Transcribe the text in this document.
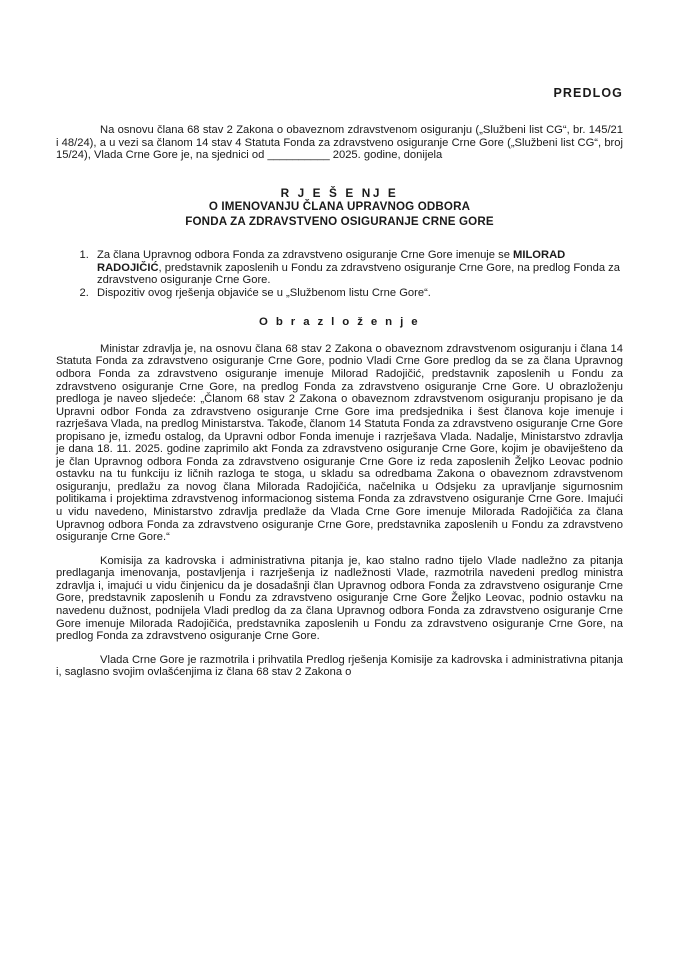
PREDLOG

Na osnovu člana 68 stav 2 Zakona o obaveznom zdravstvenom osiguranju („Službeni list CG“, br. 145/21 i 48/24), a u vezi sa članom 14 stav 4 Statuta Fonda za zdravstveno osiguranje Crne Gore („Službeni list CG“, broj 15/24), Vlada Crne Gore je, na sjednici od __________ 2025. godine, donijela

R J E Š E NJ E
O IMENOVANJU ČLANA UPRAVNOG ODBORA
FONDA ZA ZDRAVSTVENO OSIGURANJE CRNE GORE
1. Za člana Upravnog odbora Fonda za zdravstveno osiguranje Crne Gore imenuje se MILORAD RADOJIČIĆ, predstavnik zaposlenih u Fondu za zdravstveno osiguranje Crne Gore, na predlog Fonda za zdravstveno osiguranje Crne Gore.
2. Dispozitiv ovog rješenja objaviće se u „Službenom listu Crne Gore“.
O b r a z l o ž e n j e

Ministar zdravlja je, na osnovu člana 68 stav 2 Zakona o obaveznom zdravstvenom osiguranju i člana 14 Statuta Fonda za zdravstveno osiguranje Crne Gore, podnio Vladi Crne Gore predlog da se za člana Upravnog odbora Fonda za zdravstveno osiguranje imenuje Milorad Radojičić, predstavnik zaposlenih u Fondu za zdravstveno osiguranje Crne Gore, na predlog Fonda za zdravstveno osiguranje Crne Gore. U obrazloženju predloga je naveo sljedeće: „Članom 68 stav 2 Zakona o obaveznom zdravstvenom osiguranju propisano je da Upravni odbor Fonda za zdravstveno osiguranje Crne Gore ima predsjednika i šest članova koje imenuje i razrješava Vlada, na predlog Ministarstva. Takođe, članom 14 Statuta Fonda za zdravstveno osiguranje Crne Gore propisano je, između ostalog, da Upravni odbor Fonda imenuje i razrješava Vlada. Nadalje, Ministarstvo zdravlja je dana 18. 11. 2025. godine zaprimilo akt Fonda za zdravstveno osiguranje Crne Gore, kojim je obaviješteno da je član Upravnog odbora Fonda za zdravstveno osiguranje Crne Gore iz reda zaposlenih Željko Leovac podnio ostavku na tu funkciju iz ličnih razloga te stoga, u skladu sa odredbama Zakona o obaveznom zdravstvenom osiguranju, predlažu za novog člana Milorada Radojičića, načelnika u Odsjeku za upravljanje sigurnosnim politikama i projektima zdravstvenog informacionog sistema Fonda za zdravstveno osiguranje Crne Gore. Imajući u vidu navedeno, Ministarstvo zdravlja predlaže da Vlada Crne Gore imenuje Milorada Radojičića za člana Upravnog odbora Fonda za zdravstveno osiguranje Crne Gore, predstavnika zaposlenih u Fondu za zdravstveno osiguranje Crne Gore.“

Komisija za kadrovska i administrativna pitanja je, kao stalno radno tijelo Vlade nadležno za pitanja predlaganja imenovanja, postavljenja i razrješenja iz nadležnosti Vlade, razmotrila navedeni predlog ministra zdravlja i, imajući u vidu činjenicu da je dosadašnji član Upravnog odbora Fonda za zdravstveno osiguranje Crne Gore, predstavnik zaposlenih u Fondu za zdravstveno osiguranje Crne Gore Željko Leovac, podnio ostavku na navedenu dužnost, podnijela Vladi predlog da za člana Upravnog odbora Fonda za zdravstveno osiguranje Crne Gore imenuje Milorada Radojičića, predstavnika zaposlenih u Fondu za zdravstveno osiguranje Crne Gore, na predlog Fonda za zdravstveno osiguranje Crne Gore.

Vlada Crne Gore je razmotrila i prihvatila Predlog rješenja Komisije za kadrovska i administrativna pitanja i, saglasno svojim ovlašćenjima iz člana 68 stav 2 Zakona o
